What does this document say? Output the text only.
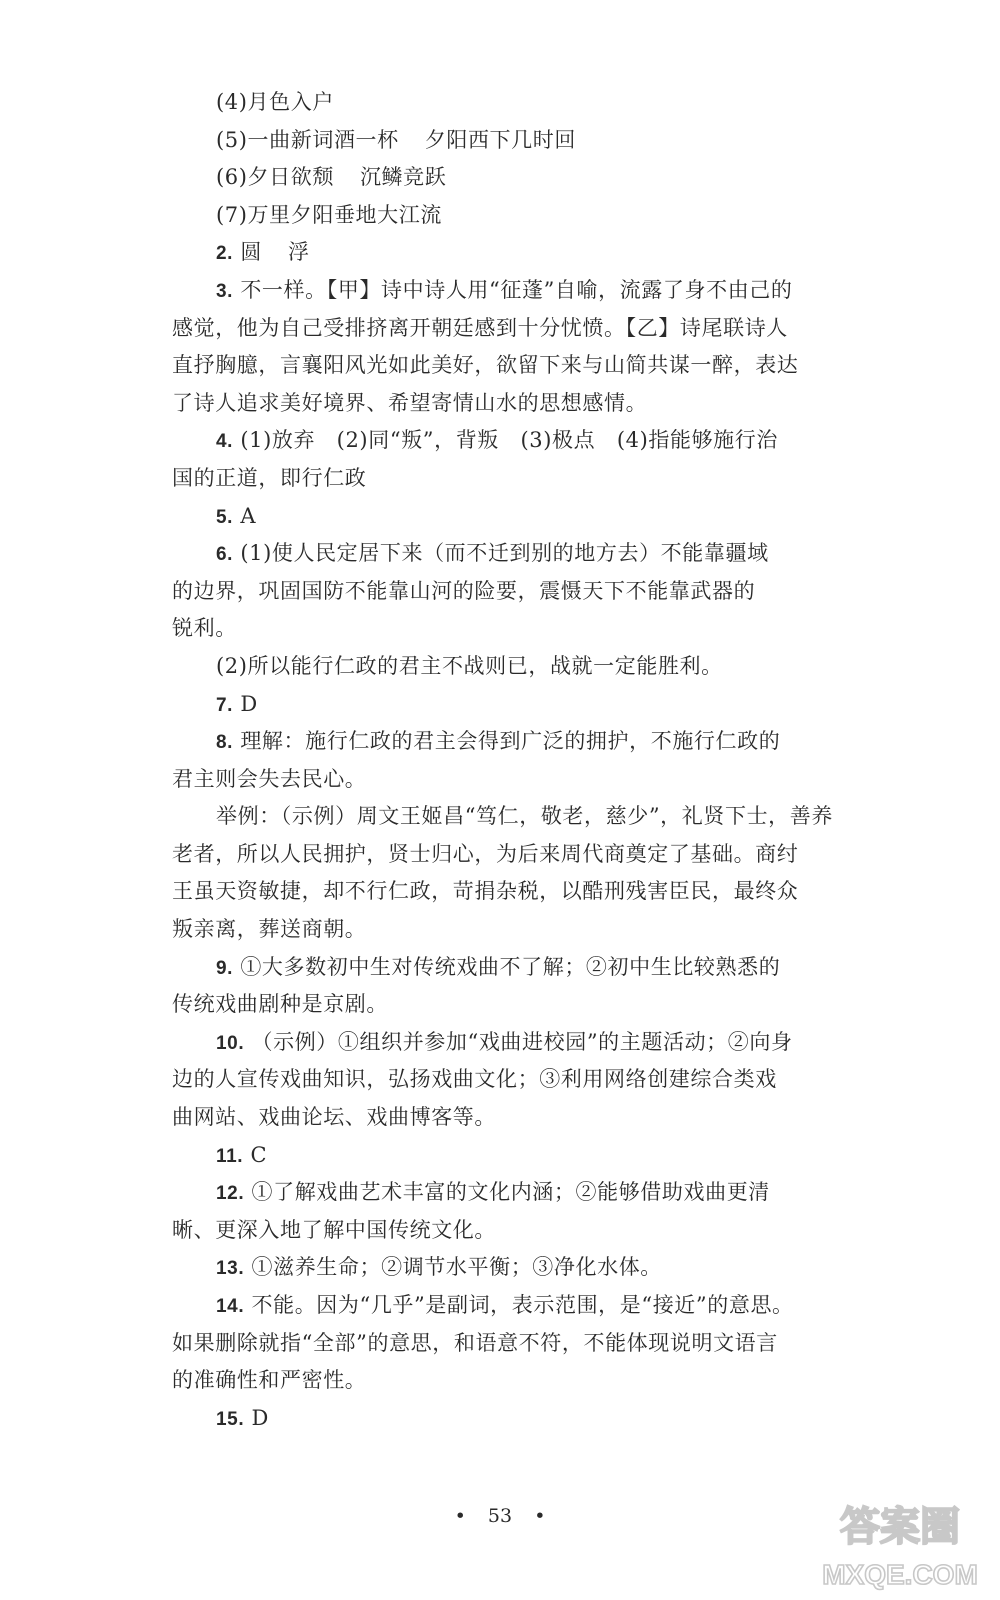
(4)月色入户
(5)一曲新词酒一杯 夕阳西下几时回
(6)夕日欲颓 沉鳞竞跃
(7)万里夕阳垂地大江流
2. 圆 浮
3. 不一样。【甲】诗中诗人用“征蓬”自喻，流露了身不由己的
感觉，他为自己受排挤离开朝廷感到十分忧愤。【乙】诗尾联诗人
直抒胸臆，言襄阳风光如此美好，欲留下来与山简共谋一醉，表达
了诗人追求美好境界、希望寄情山水的思想感情。
4. (1)放弃　(2)同“叛”，背叛　(3)极点　(4)指能够施行治
国的正道，即行仁政
5. A
6. (1)使人民定居下来（而不迁到别的地方去）不能靠疆域
的边界，巩固国防不能靠山河的险要，震慑天下不能靠武器的
锐利。
(2)所以能行仁政的君主不战则已，战就一定能胜利。
7. D
8. 理解：施行仁政的君主会得到广泛的拥护，不施行仁政的
君主则会失去民心。
举例：（示例）周文王姬昌“笃仁，敬老，慈少”，礼贤下士，善养
老者，所以人民拥护，贤士归心，为后来周代商奠定了基础。商纣
王虽天资敏捷，却不行仁政，苛捐杂税，以酷刑残害臣民，最终众
叛亲离，葬送商朝。
9. ①大多数初中生对传统戏曲不了解；②初中生比较熟悉的
传统戏曲剧种是京剧。
10. （示例）①组织并参加“戏曲进校园”的主题活动；②向身
边的人宣传戏曲知识，弘扬戏曲文化；③利用网络创建综合类戏
曲网站、戏曲论坛、戏曲博客等。
11. C
12. ①了解戏曲艺术丰富的文化内涵；②能够借助戏曲更清
晰、更深入地了解中国传统文化。
13. ①滋养生命；②调节水平衡；③净化水体。
14. 不能。因为“几乎”是副词，表示范围，是“接近”的意思。
如果删除就指“全部”的意思，和语意不符，不能体现说明文语言
的准确性和严密性。
15. D
• 53 •	答案圈
MXQE.COM
